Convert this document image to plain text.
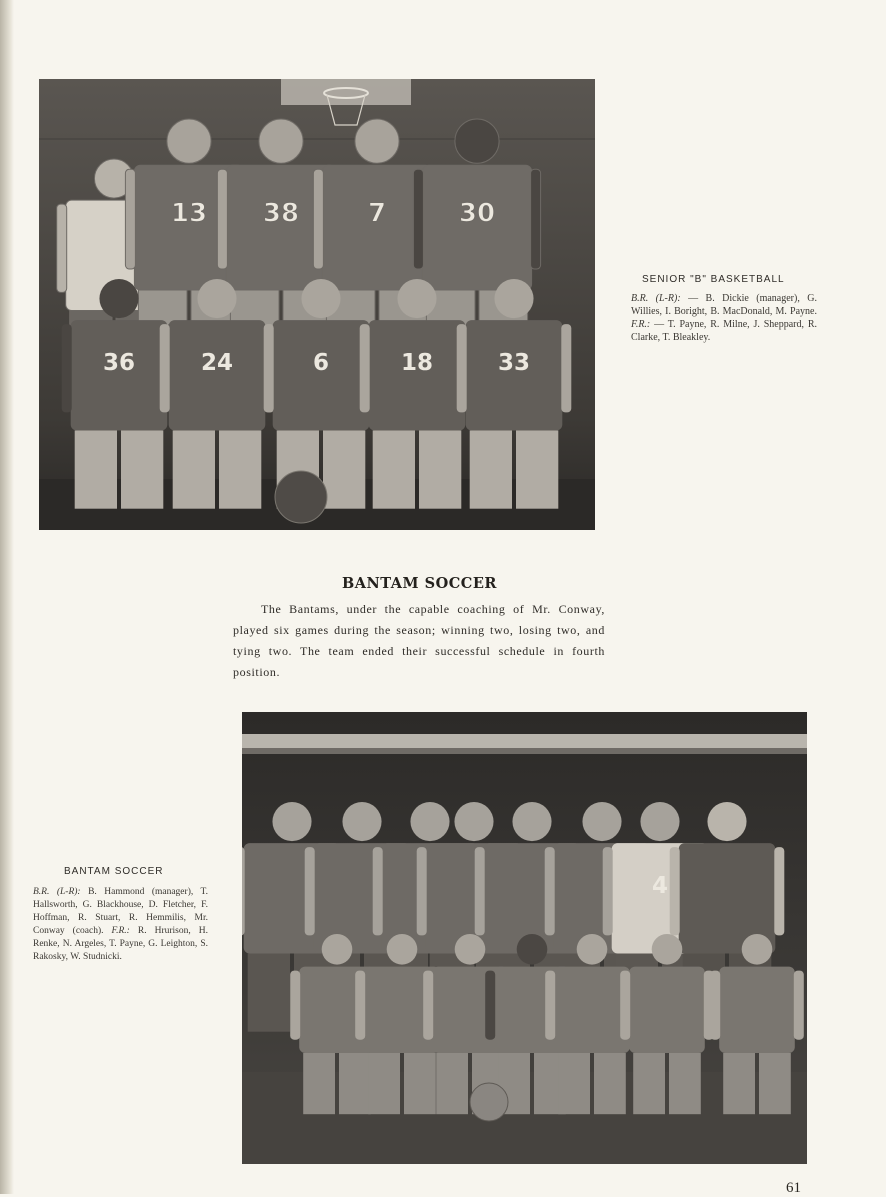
13 38	7	30
36	24	6	18	33
SENIOR "B" BASKETBALL
B.R. (L-R): — B. Dickie (manager), G. Willies, I. Boright, B. MacDonald, M. Payne. F.R.: — T. Payne, R. Milne, J. Sheppard, R. Clarke, T. Bleakley.
BANTAM SOCCER
The Bantams, under the capable coaching of Mr. Conway, played six games during the season; winning two, losing two, and tying two. The team ended their successful schedule in fourth position.
BANTAM SOCCER
B.R. (L-R): B. Hammond (manager), T. Hallsworth, G. Blackhouse, D. Fletcher, F. Hoffman, R. Stuart, R. Hemmilis, Mr. Conway (coach). F.R.: R. Hrurison, H. Renke, N. Argeles, T. Payne, G. Leighton, S. Rakosky, W. Studnicki.
4
61
